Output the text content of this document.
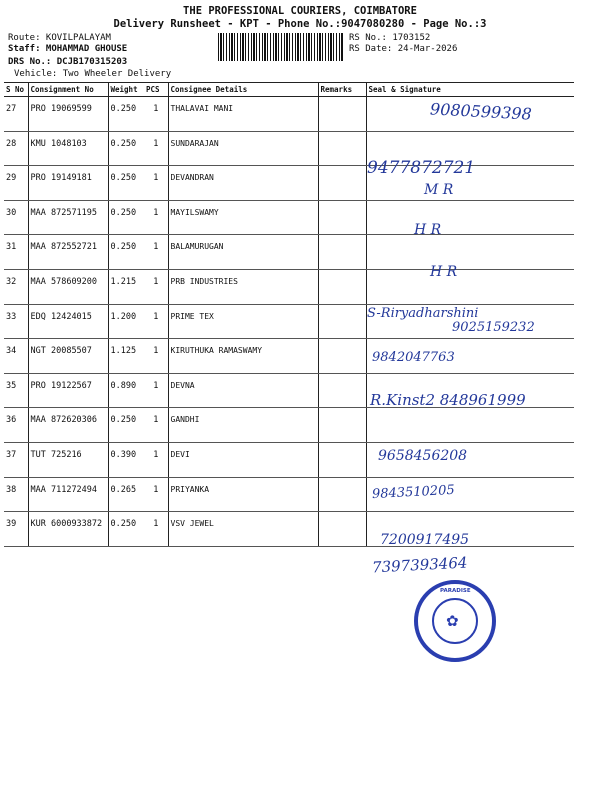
THE PROFESSIONAL COURIERS, COIMBATORE
Delivery Runsheet - KPT - Phone No.:9047080280 - Page No.:3
Route: KOVILPALAYAM
Staff: MOHAMMAD GHOUSE
DRS No.: DCJB170315203
Vehicle: Two Wheeler Delivery
RS No.: 1703152
RS Date: 24-Mar-2026
S No	Consignment No	Weight	PCS	Consignee Details	Remarks	Seal & Signature
27	PRO 19069599	0.250	1	THALAVAI MANI		
28	KMU 1048103	0.250	1	SUNDARAJAN		
29	PRO 19149181	0.250	1	DEVANDRAN		
30	MAA 872571195	0.250	1	MAYILSWAMY		
31	MAA 872552721	0.250	1	BALAMURUGAN		
32	MAA 578609200	1.215	1	PRB INDUSTRIES		
33	EDQ 12424015	1.200	1	PRIME TEX		
34	NGT 20085507	1.125	1	KIRUTHUKA RAMASWAMY		
35	PRO 19122567	0.890	1	DEVNA		
36	MAA 872620306	0.250	1	GANDHI		
37	TUT 725216	0.390	1	DEVI		
38	MAA 711272494	0.265	1	PRIYANKA		
39	KUR 6000933872	0.250	1	VSV JEWEL		
9080599398
9477872721
M R
H R
H R
S-Riryadharshini
9025159232
9842047763
R.Kinst2 848961999
9658456208
9843510205
7200917495
7397393464
PARADISE
✿
